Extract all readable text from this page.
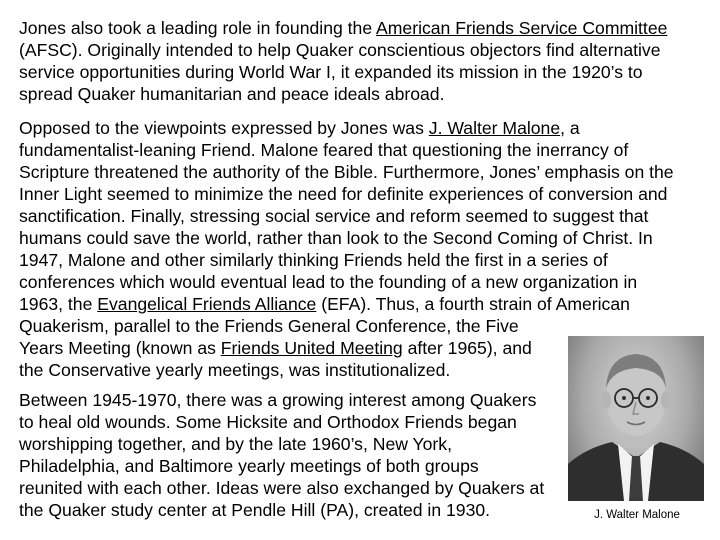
Jones also took a leading role in founding the American Friends Service Committee
(AFSC). Originally intended to help Quaker conscientious objectors find alternative
service opportunities during World War I, it expanded its mission in the 1920’s to
spread Quaker humanitarian and peace ideals abroad.
Opposed to the viewpoints expressed by Jones was J. Walter Malone, a
fundamentalist-leaning Friend. Malone feared that questioning the inerrancy of
Scripture threatened the authority of the Bible. Furthermore, Jones’ emphasis on the
Inner Light seemed to minimize the need for definite experiences of conversion and
sanctification. Finally, stressing social service and reform seemed to suggest that
humans could save the world, rather than look to the Second Coming of Christ. In
1947, Malone and other similarly thinking Friends held the first in a series of
conferences which would eventual lead to the founding of a new organization in
1963, the Evangelical Friends Alliance (EFA). Thus, a fourth strain of American
Quakerism, parallel to the Friends General Conference, the Five
Years Meeting (known as Friends United Meeting after 1965), and
the Conservative yearly meetings, was institutionalized.
Between 1945-1970, there was a growing interest among Quakers
to heal old wounds. Some Hicksite and Orthodox Friends began
worshipping together, and by the late 1960’s, New York,
Philadelphia, and Baltimore yearly meetings of both groups
reunited with each other. Ideas were also exchanged by Quakers at
the Quaker study center at Pendle Hill (PA), created in 1930.	J. Walter Malone
